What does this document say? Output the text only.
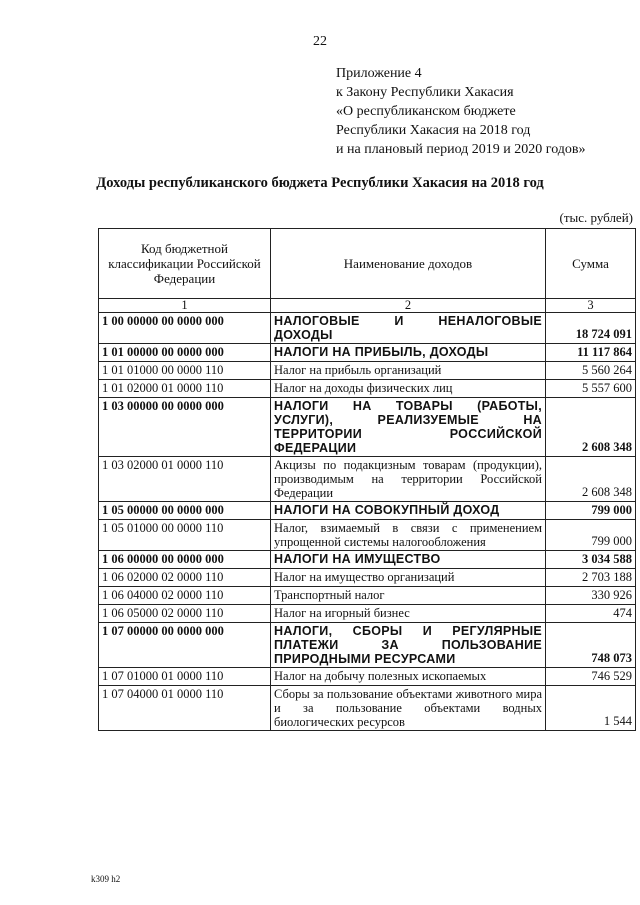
22
Приложение 4
к Закону Республики Хакасия
«О республиканском бюджете
Республики Хакасия на 2018 год
и на плановый период 2019 и 2020 годов»
Доходы республиканского бюджета Республики Хакасия на 2018 год
(тыс. рублей)
Код бюджетной классификации Российской Федерации	Наименование доходов	Сумма
1	2	3
1 00 00000 00 0000 000	НАЛОГОВЫЕ И НЕНАЛОГОВЫЕ ДОХОДЫ	18 724 091
1 01 00000 00 0000 000	НАЛОГИ НА ПРИБЫЛЬ, ДОХОДЫ	11 117 864
1 01 01000 00 0000 110	Налог на прибыль организаций	5 560 264
1 01 02000 01 0000 110	Налог на доходы физических лиц	5 557 600
1 03 00000 00 0000 000	НАЛОГИ НА ТОВАРЫ (РАБОТЫ, УСЛУГИ), РЕАЛИЗУЕМЫЕ НА ТЕРРИТОРИИ РОССИЙСКОЙ ФЕДЕРАЦИИ	2 608 348
1 03 02000 01 0000 110	Акцизы по подакцизным товарам (продукции), производимым на территории Российской Федерации	2 608 348
1 05 00000 00 0000 000	НАЛОГИ НА СОВОКУПНЫЙ ДОХОД	799 000
1 05 01000 00 0000 110	Налог, взимаемый в связи с применением упрощенной системы налогообложения	799 000
1 06 00000 00 0000 000	НАЛОГИ НА ИМУЩЕСТВО	3 034 588
1 06 02000 02 0000 110	Налог на имущество организаций	2 703 188
1 06 04000 02 0000 110	Транспортный налог	330 926
1 06 05000 02 0000 110	Налог на игорный бизнес	474
1 07 00000 00 0000 000	НАЛОГИ, СБОРЫ И РЕГУЛЯРНЫЕ ПЛАТЕЖИ ЗА ПОЛЬЗОВАНИЕ ПРИРОДНЫМИ РЕСУРСАМИ	748 073
1 07 01000 01 0000 110	Налог на добычу полезных ископаемых	746 529
1 07 04000 01 0000 110	Сборы за пользование объектами животного мира и за пользование объектами водных биологических ресурсов	1 544
k309 h2
